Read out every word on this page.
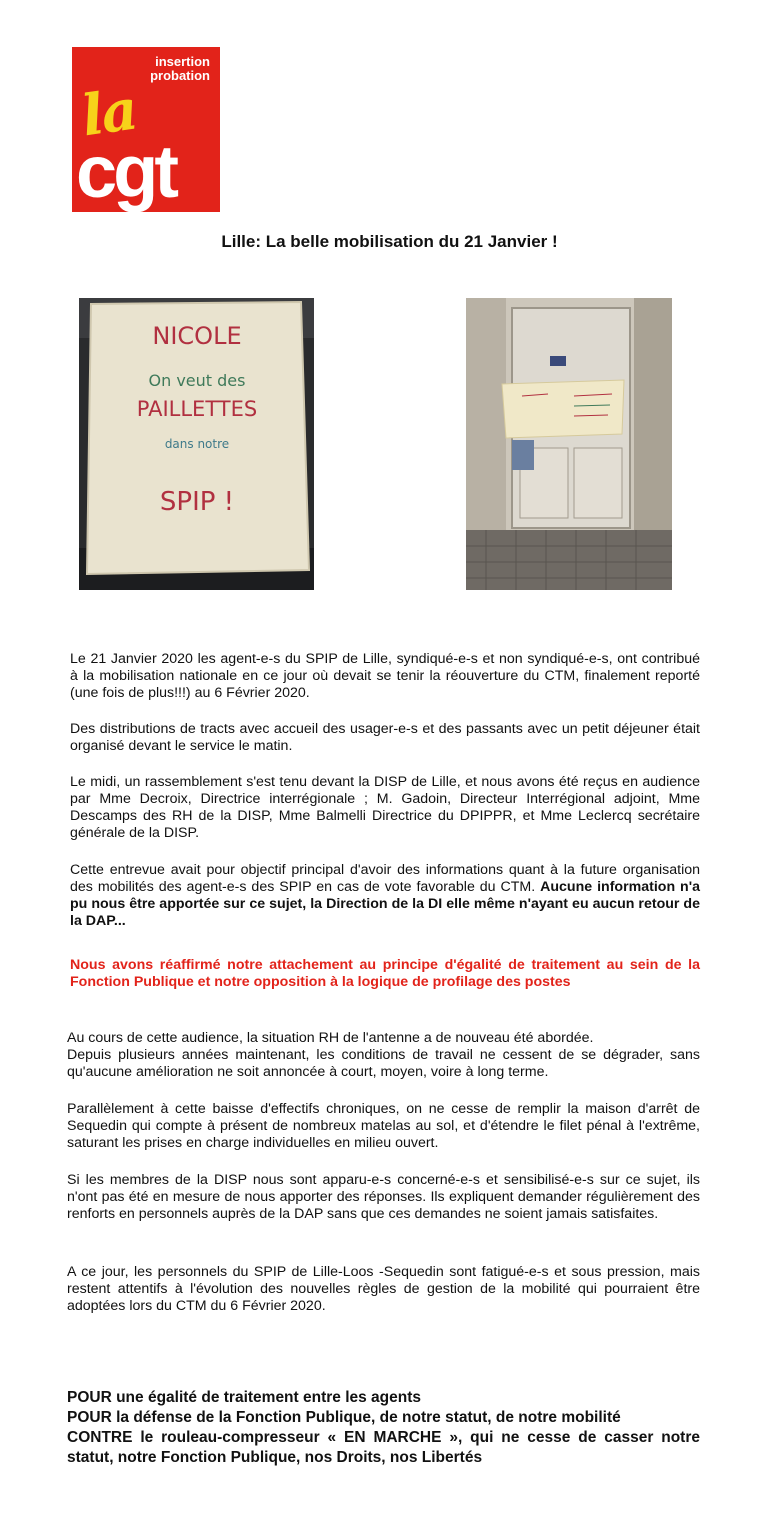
insertion
probation
la
cgt
Lille: La belle mobilisation du 21 Janvier !
NICOLE
On veut des
PAILLETTES
dans notre
SPIP !
Le 21 Janvier 2020 les agent-e-s du SPIP de Lille, syndiqué-e-s et non syndiqué-e-s, ont contribué à la mobilisation nationale en ce jour où devait se tenir la réouverture du CTM, finalement reporté (une fois de plus!!!) au 6 Février 2020.
Des distributions de tracts avec accueil des usager-e-s et des passants avec un petit déjeuner était organisé devant le service le matin.
Le midi, un rassemblement s'est tenu devant la DISP de Lille, et nous avons été reçus en audience par Mme Decroix, Directrice interrégionale ; M. Gadoin, Directeur Interrégional adjoint, Mme Descamps des RH de la DISP, Mme Balmelli Directrice du DPIPPR, et Mme Leclercq secrétaire générale de la DISP.
Cette entrevue avait pour objectif principal d'avoir des informations quant à la future organisation des mobilités des agent-e-s des SPIP en cas de vote favorable du CTM. Aucune information n'a pu nous être apportée sur ce sujet, la Direction de la DI elle même n'ayant eu aucun retour de la DAP...
Nous avons réaffirmé notre attachement au principe d'égalité de traitement au sein de la Fonction Publique et notre opposition à la logique de profilage des postes
Au cours de cette audience, la situation RH de l'antenne a de nouveau été abordée.
Depuis plusieurs années maintenant, les conditions de travail ne cessent de se dégrader, sans qu'aucune amélioration ne soit annoncée à court, moyen, voire à long terme.
Parallèlement à cette baisse d'effectifs chroniques, on ne cesse de remplir la maison d'arrêt de Sequedin qui compte à présent de nombreux matelas au sol, et d'étendre le filet pénal à l'extrême, saturant les prises en charge individuelles en milieu ouvert.
Si les membres de la DISP nous sont apparu-e-s concerné-e-s et sensibilisé-e-s sur ce sujet, ils n'ont pas été en mesure de nous apporter des réponses. Ils expliquent demander régulièrement des renforts en personnels auprès de la DAP sans que ces demandes ne soient jamais satisfaites.
A ce jour, les personnels du SPIP de Lille-Loos -Sequedin sont fatigué-e-s et sous pression, mais restent attentifs à l'évolution des nouvelles règles de gestion de la mobilité qui pourraient être adoptées lors du CTM du 6 Février 2020.
POUR une égalité de traitement entre les agents
POUR la défense de la Fonction Publique, de notre statut, de notre mobilité
CONTRE le rouleau-compresseur « EN MARCHE », qui ne cesse de casser notre statut, notre Fonction Publique, nos Droits, nos Libertés
